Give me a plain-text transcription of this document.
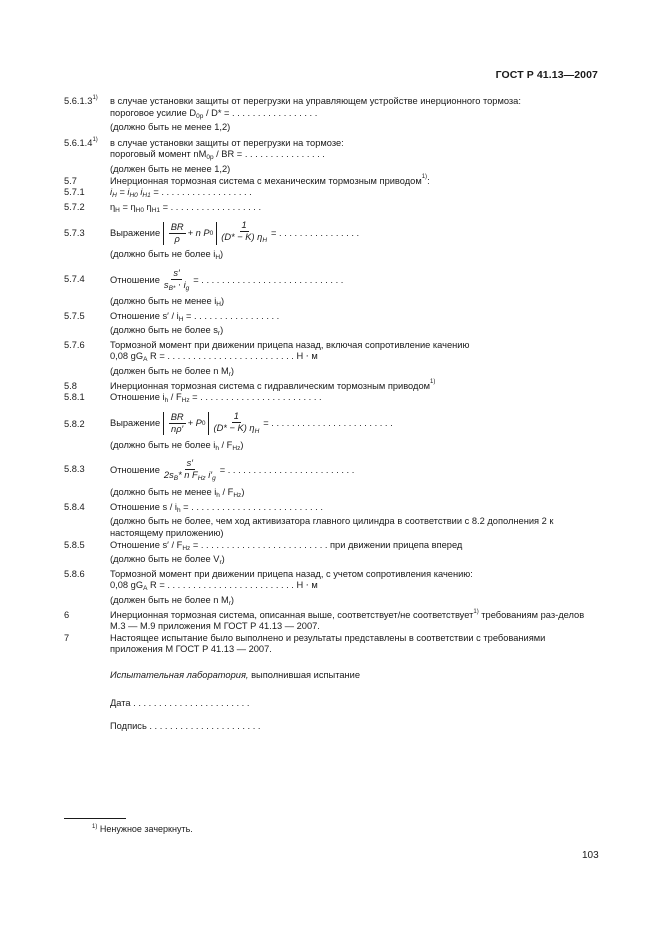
ГОСТ Р 41.13—2007
5.6.1.3$^{1)}$	в случае установки защиты от перегрузки на управляющем устройстве инерционного тормоза:
пороговое усилие $D_{0p} / D*$ = . . . . . . . . . . . . . . . . .
(должно быть не менее 1,2)
5.6.1.4$^{1)}$	в случае установки защиты от перегрузки на тормозе:
пороговый момент $nM_{0p}$ / BR = . . . . . . . . . . . . . . . .
(должен быть не менее 1,2)
5.7	Инерционная тормозная система с механическим тормозным приводом$^{1)}$:
5.7.1	$i_H = i_{H0}$ $i_{H1}$ = . . . . . . . . . . . . . . . . . .
5.7.2	$\eta_H = \eta_{H0}$ $\eta_{H1}$ = . . . . . . . . . . . . . . . . . .
5.7.3	Выражение
$\frac{BR}{\rho} + n$ P $0 \frac{1}{(D* - K) \eta_H}$ = . . . . . . . . . . . . . . . .
(должно быть не более $i_H$)
5.7.4	Отношение $\frac{s'}{s_{B*} \cdot i_g}$ = . . . . . . . . . . . . . . . . . . . . . . . . . . . .
(должно быть не менее $i_H$)
5.7.5	Отношение $s' / i_H$ = . . . . . . . . . . . . . . . . .
(должно быть не более $s_r$)
5.7.6	Тормозной момент при движении прицепа назад, включая сопротивление качению
0,08 $gG_A$ R = . . . . . . . . . . . . . . . . . . . . . . . . . Н ⋅ м
(должен быть не более n $M_r$)
5.8	Инерционная тормозная система с гидравлическим тормозным приводом$^{1)}$
5.8.1	Отношение $i_h / F_{Hz}$ = . . . . . . . . . . . . . . . . . . . . . . . .
5.8.2	Выражение
$\frac{BR}{n\rho'} + P$ $0 \frac{1}{(D* - K) \eta_H}$ = . . . . . . . . . . . . . . . . . . . . . . . .
(должно быть не более $i_h / F_{Hz}$)
5.8.3	Отношение $\frac{s'}{2s_B* n F_{Hz} i'_g}$ = . . . . . . . . . . . . . . . . . . . . . . . . .
(должно быть не менее $i_h / F_{Hz}$)
5.8.4	Отношение s / $i_h$ = . . . . . . . . . . . . . . . . . . . . . . . . . .
(должно быть не более, чем ход активизатора главного цилиндра в соответствии с 8.2 дополнения 2 к настоящему приложению)
5.8.5	Отношение $s' / F_{Hz}$ = . . . . . . . . . . . . . . . . . . . . . . . . . при движении прицепа вперед
(должно быть не более $V_r$)
5.8.6	Тормозной момент при движении прицепа назад, с учетом сопротивления качению:
0,08 $gG_A$ R = . . . . . . . . . . . . . . . . . . . . . . . . . Н ⋅ м
(должен быть не более n $M_r$)
6	Инерционная тормозная система, описанная выше, соответствует/не соответствует$^{1)}$ требованиям раз-делов М.3 — М.9 приложения М ГОСТ Р 41.13 — 2007.
7	Настоящее испытание было выполнено и результаты представлены в соответствии с требованиями приложения М ГОСТ Р 41.13 — 2007.
Испытательная лаборатория, выполнившая испытание
Дата . . . . . . . . . . . . . . . . . . . . . . .
Подпись . . . . . . . . . . . . . . . . . . . . . .
$^{1)}$ Ненужное зачеркнуть.
103
